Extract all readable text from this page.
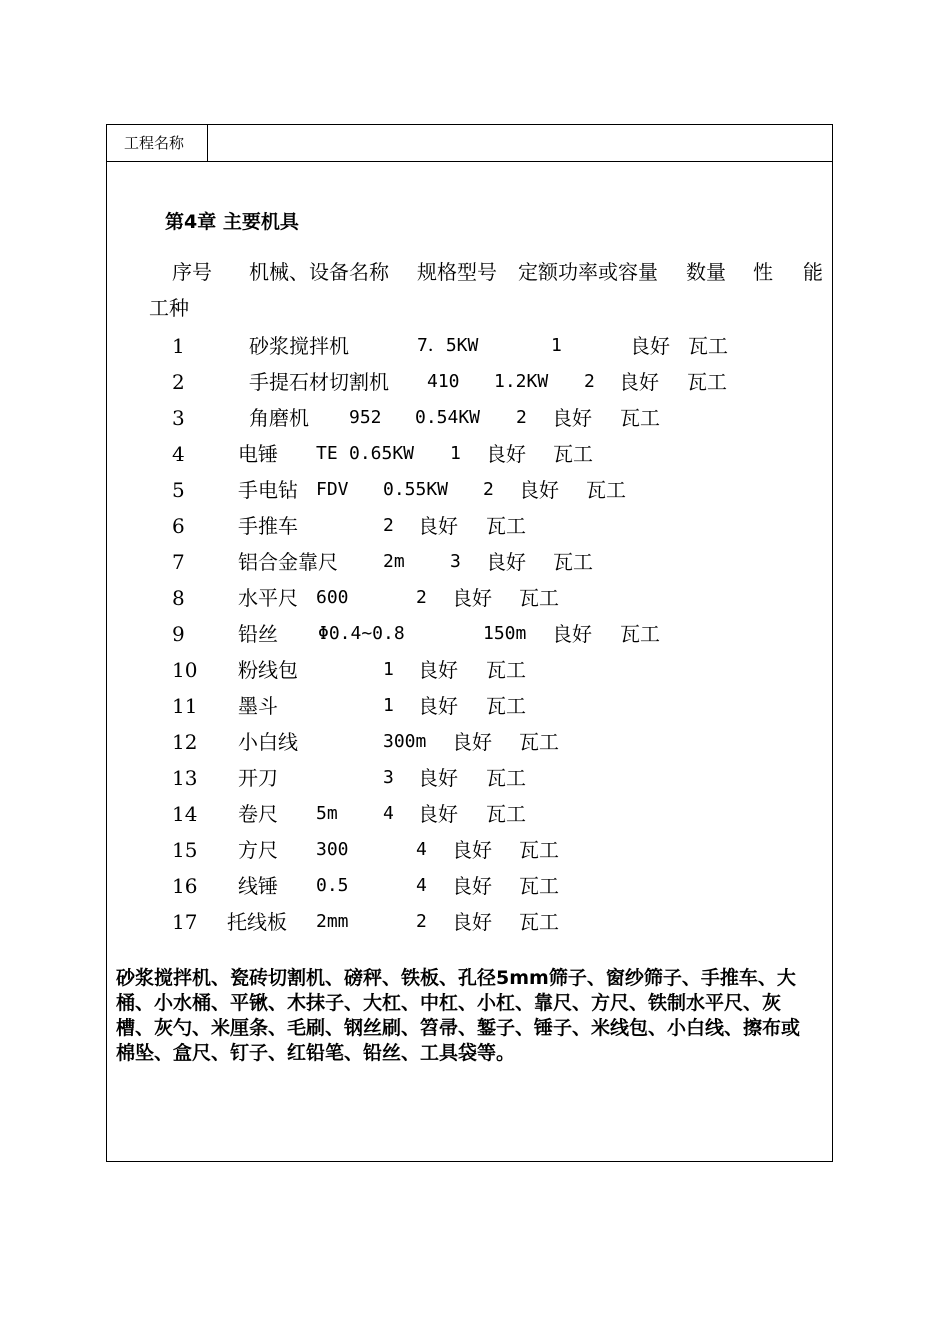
工程名称
第4章 主要机具
序号 机械、设备名称 规格型号 定额功率或容量 数量 性 能
工种
1	砂浆搅拌机	7．5KW	1	良好 瓦工
2	手提石材切割机 410 1.2KW 2 良好 瓦工
3	角磨机 952 0.54KW 2 良好 瓦工
4	电锤 TE 0.65KW 1 良好 瓦工
5	手电钻 FDV 0.55KW 2 良好 瓦工
6	手推车	2 良好 瓦工
7	铝合金靠尺	2m	3 良好 瓦工
8	水平尺 600	2 良好 瓦工
9	铅丝 Φ0.4~0.8	150m 良好 瓦工
10 粉线包	1 良好 瓦工
11 墨斗	1 良好 瓦工
12 小白线	300m 良好 瓦工
13 开刀	3 良好 瓦工
14 卷尺 5m	4 良好 瓦工
15 方尺 300	4 良好 瓦工
16 线锤 0.5	4 良好 瓦工
17 托线板 2mm	2 良好 瓦工
砂浆搅拌机、瓷砖切割机、磅秤、铁板、孔径5mm筛子、窗纱筛子、手推车、大桶、小水桶、平锹、木抹子、大杠、中杠、小杠、靠尺、方尺、铁制水平尺、灰槽、灰勺、米厘条、毛刷、钢丝刷、笤帚、錾子、锤子、米线包、小白线、擦布或棉坠、盒尺、钉子、红铅笔、铅丝、工具袋等。
